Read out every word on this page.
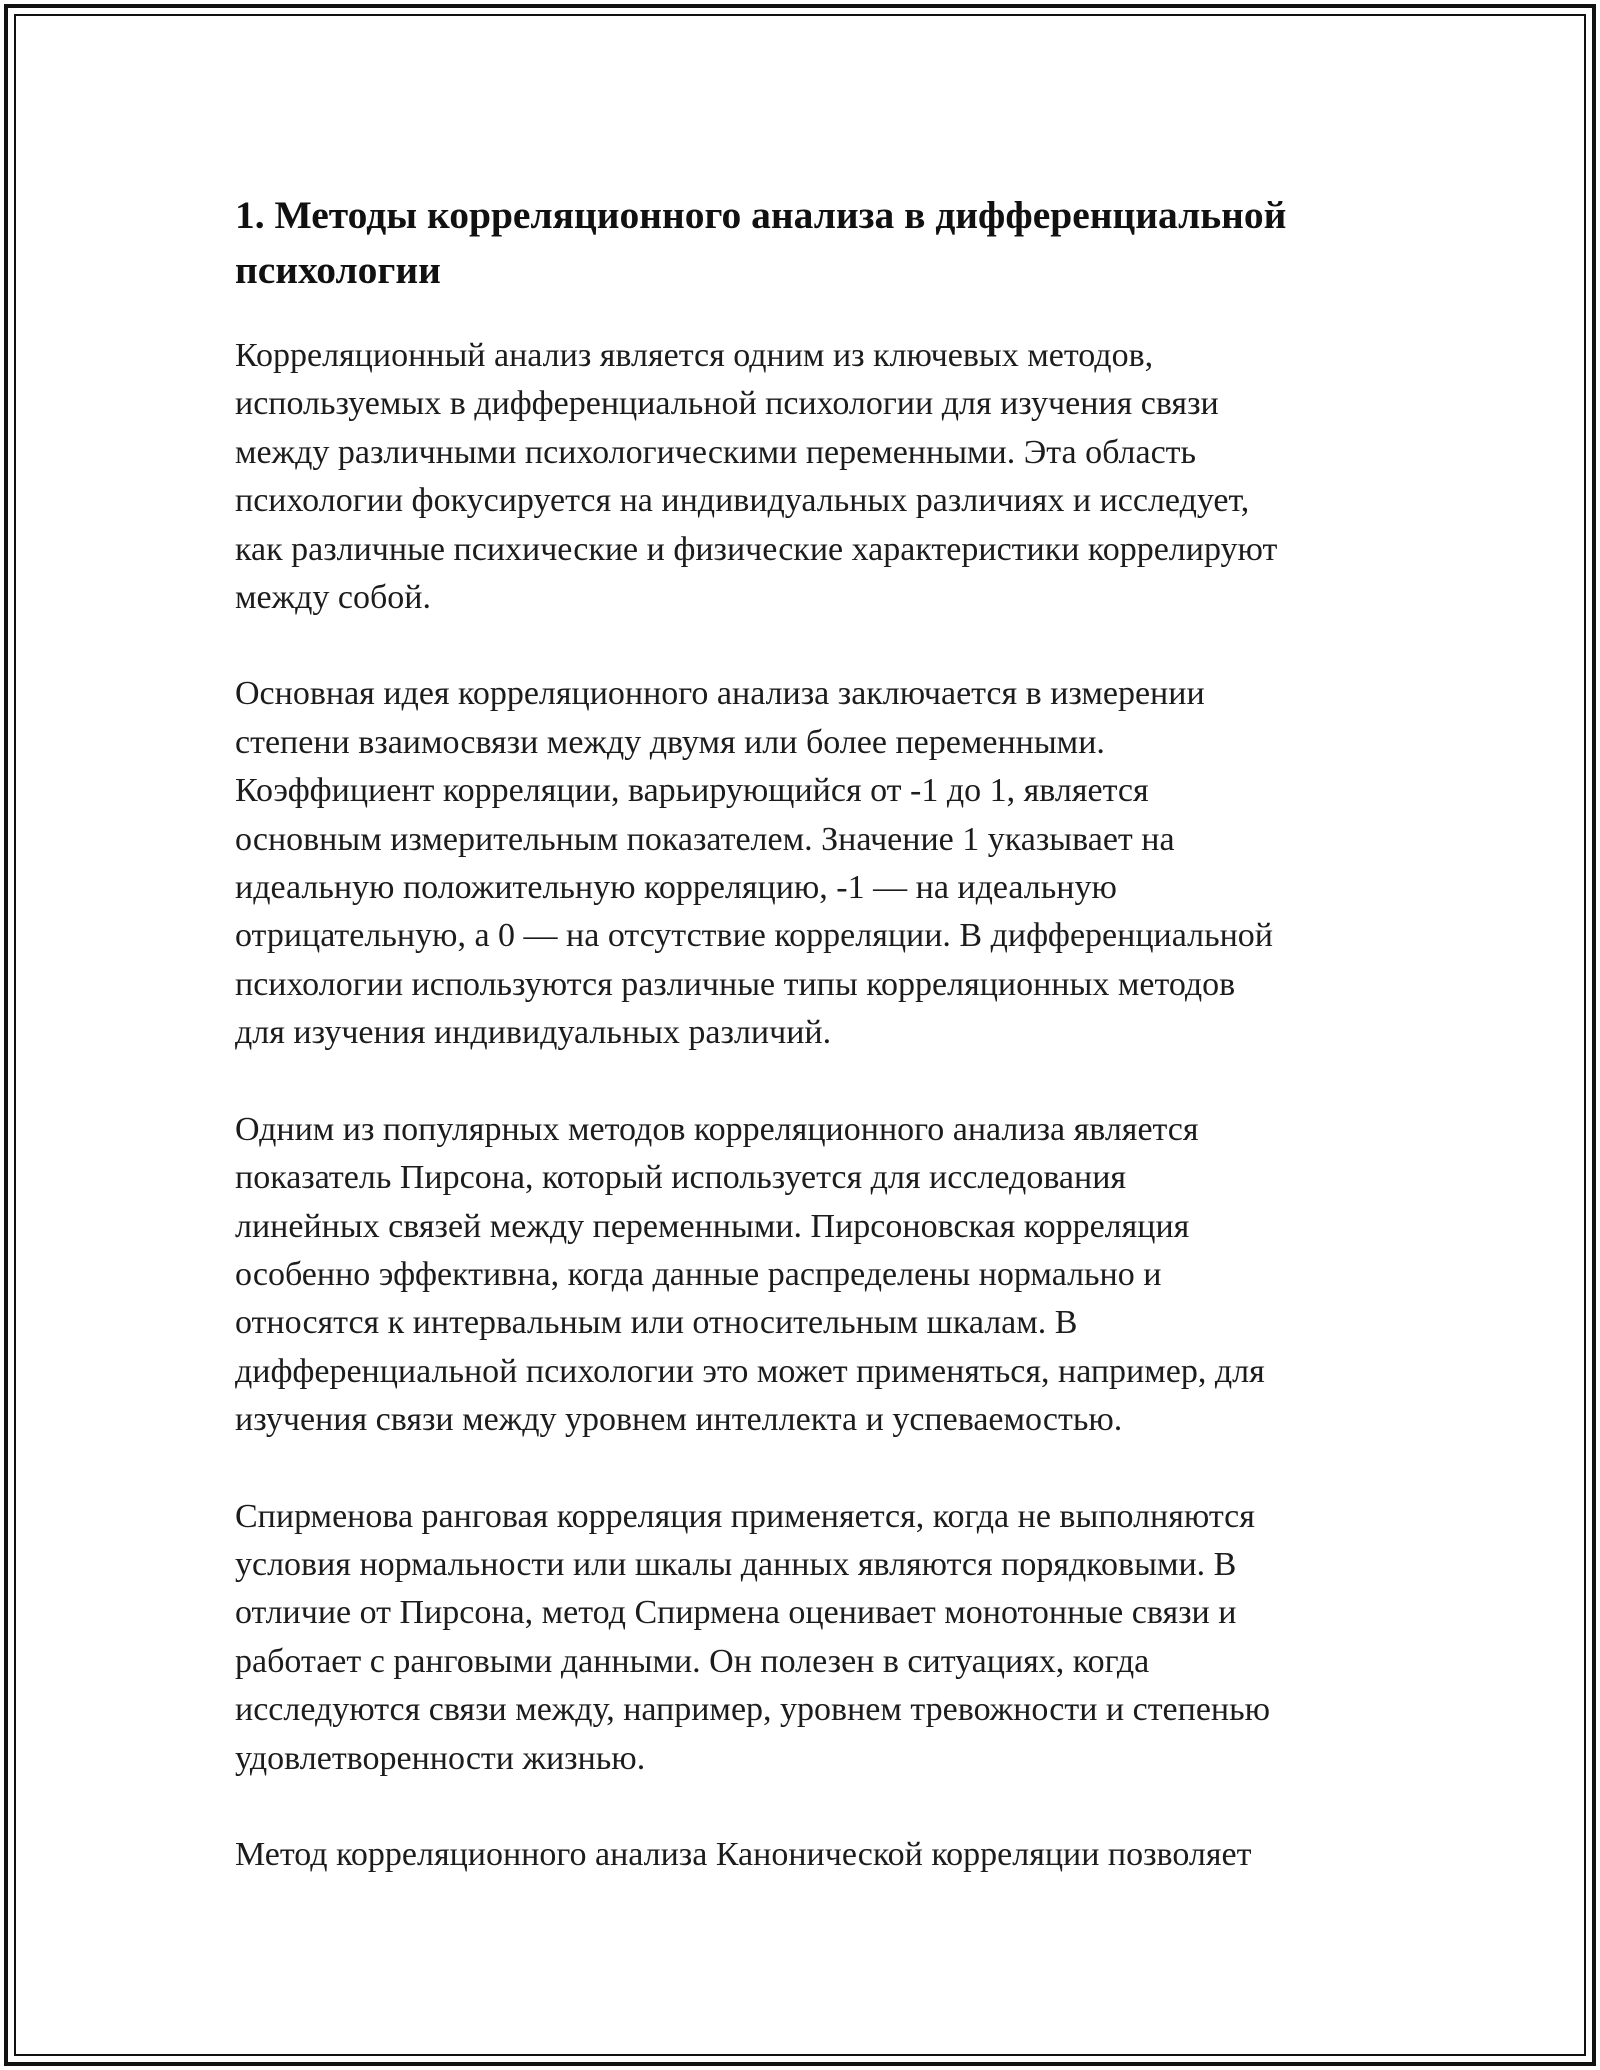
1. Методы корреляционного анализа в дифференциальной
психологии

Корреляционный анализ является одним из ключевых методов,
используемых в дифференциальной психологии для изучения связи
между различными психологическими переменными. Эта область
психологии фокусируется на индивидуальных различиях и исследует,
как различные психические и физические характеристики коррелируют
между собой.

Основная идея корреляционного анализа заключается в измерении
степени взаимосвязи между двумя или более переменными.
Коэффициент корреляции, варьирующийся от -1 до 1, является
основным измерительным показателем. Значение 1 указывает на
идеальную положительную корреляцию, -1 — на идеальную
отрицательную, а 0 — на отсутствие корреляции. В дифференциальной
психологии используются различные типы корреляционных методов
для изучения индивидуальных различий.

Одним из популярных методов корреляционного анализа является
показатель Пирсона, который используется для исследования
линейных связей между переменными. Пирсоновская корреляция
особенно эффективна, когда данные распределены нормально и
относятся к интервальным или относительным шкалам. В
дифференциальной психологии это может применяться, например, для
изучения связи между уровнем интеллекта и успеваемостью.

Спирменова ранговая корреляция применяется, когда не выполняются
условия нормальности или шкалы данных являются порядковыми. В
отличие от Пирсона, метод Спирмена оценивает монотонные связи и
работает с ранговыми данными. Он полезен в ситуациях, когда
исследуются связи между, например, уровнем тревожности и степенью
удовлетворенности жизнью.

Метод корреляционного анализа Канонической корреляции позволяет
